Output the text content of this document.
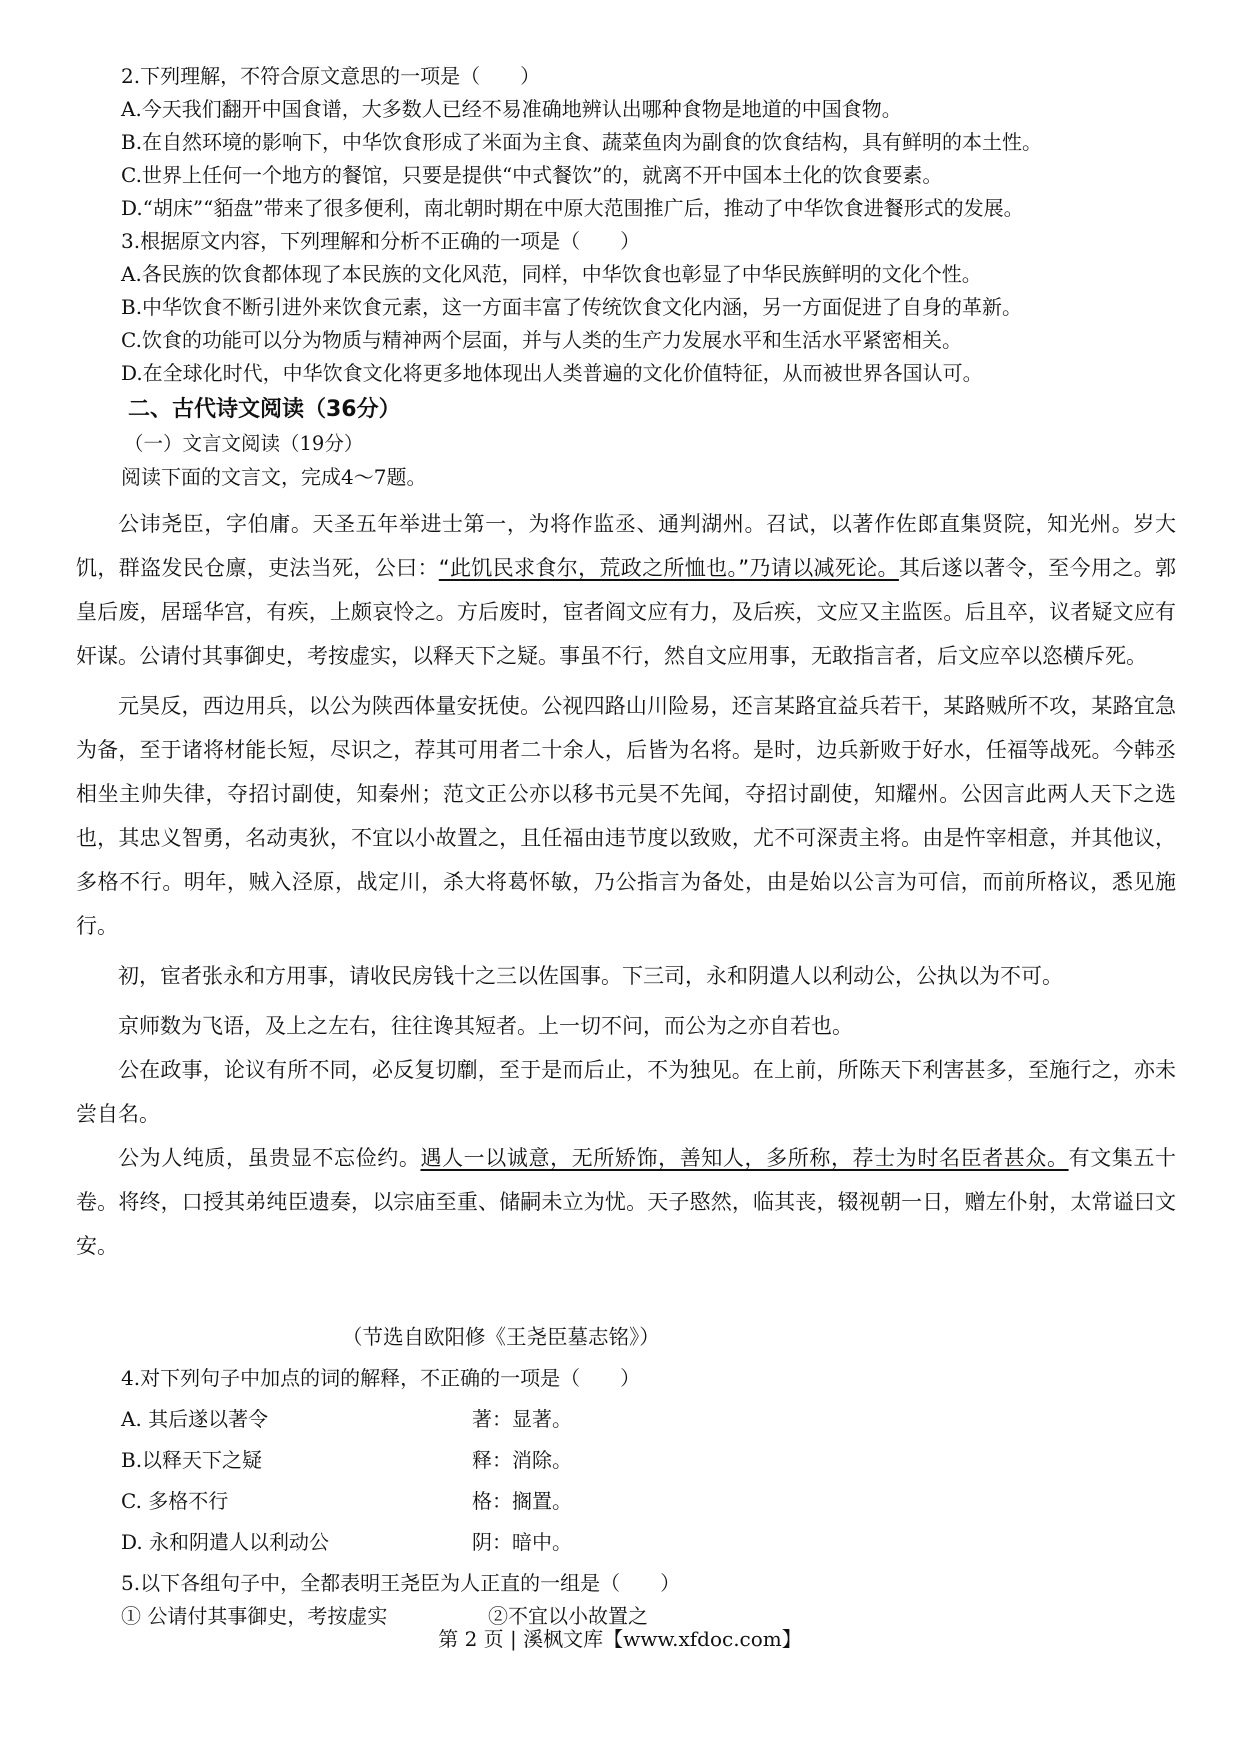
2.下列理解，不符合原文意思的一项是（　　）

A.今天我们翻开中国食谱，大多数人已经不易准确地辨认出哪种食物是地道的中国食物。

B.在自然环境的影响下，中华饮食形成了米面为主食、蔬菜鱼肉为副食的饮食结构，具有鲜明的本土性。

C.世界上任何一个地方的餐馆，只要是提供“中式餐饮”的，就离不开中国本土化的饮食要素。

D.“胡床”“貊盘”带来了很多便利，南北朝时期在中原大范围推广后，推动了中华饮食进餐形式的发展。

3.根据原文内容，下列理解和分析不正确的一项是（　　）

A.各民族的饮食都体现了本民族的文化风范，同样，中华饮食也彰显了中华民族鲜明的文化个性。

B.中华饮食不断引进外来饮食元素，这一方面丰富了传统饮食文化内涵，另一方面促进了自身的革新。

C.饮食的功能可以分为物质与精神两个层面，并与人类的生产力发展水平和生活水平紧密相关。

D.在全球化时代，中华饮食文化将更多地体现出人类普遍的文化价值特征，从而被世界各国认可。

二、古代诗文阅读（36分）
（一）文言文阅读（19分）
阅读下面的文言文，完成4～7题。

公讳尧臣，字伯庸。天圣五年举进士第一，为将作监丞、通判湖州。召试，以著作佐郎直集贤院，知光州。岁大饥，群盗发民仓廪，吏法当死，公曰：“此饥民求食尔，荒政之所恤也。”乃请以减死论。其后遂以著令，至今用之。郭皇后废，居瑶华宫，有疾，上颇哀怜之。方后废时，宦者阎文应有力，及后疾，文应又主监医。后且卒，议者疑文应有奸谋。公请付其事御史，考按虚实，以释天下之疑。事虽不行，然自文应用事，无敢指言者，后文应卒以恣横斥死。

元昊反，西边用兵，以公为陕西体量安抚使。公视四路山川险易，还言某路宜益兵若干，某路贼所不攻，某路宜急为备，至于诸将材能长短，尽识之，荐其可用者二十余人，后皆为名将。是时，边兵新败于好水，任福等战死。今韩丞相坐主帅失律，夺招讨副使，知秦州；范文正公亦以移书元昊不先闻，夺招讨副使，知耀州。公因言此两人天下之选也，其忠义智勇，名动夷狄，不宜以小故置之，且任福由违节度以致败，尤不可深责主将。由是忤宰相意，并其他议，多格不行。明年，贼入泾原，战定川，杀大将葛怀敏，乃公指言为备处，由是始以公言为可信，而前所格议，悉见施行。

初，宦者张永和方用事，请收民房钱十之三以佐国事。下三司，永和阴遣人以利动公，公执以为不可。

京师数为飞语，及上之左右，往往谗其短者。上一切不问，而公为之亦自若也。

公在政事，论议有所不同，必反复切劘，至于是而后止，不为独见。在上前，所陈天下利害甚多，至施行之，亦未尝自名。

公为人纯质，虽贵显不忘俭约。遇人一以诚意，无所矫饰，善知人，多所称，荐士为时名臣者甚众。有文集五十卷。将终，口授其弟纯臣遗奏，以宗庙至重、储嗣未立为忧。天子愍然，临其丧，辍视朝一日，赠左仆射，太常谥曰文安。

（节选自欧阳修《王尧臣墓志铭》）
4.对下列句子中加点的词的解释，不正确的一项是（　　）
A. 其后遂以著令	著：显著。
B.以释天下之疑	释：消除。
C. 多格不行	格：搁置。
D. 永和阴遣人以利动公	阴：暗中。
5.以下各组句子中，全都表明王尧臣为人正直的一组是（　　）
① 公请付其事御史，考按虚实	②不宜以小故置之
第 2 页 | 溪枫文库【www.xfdoc.com】
